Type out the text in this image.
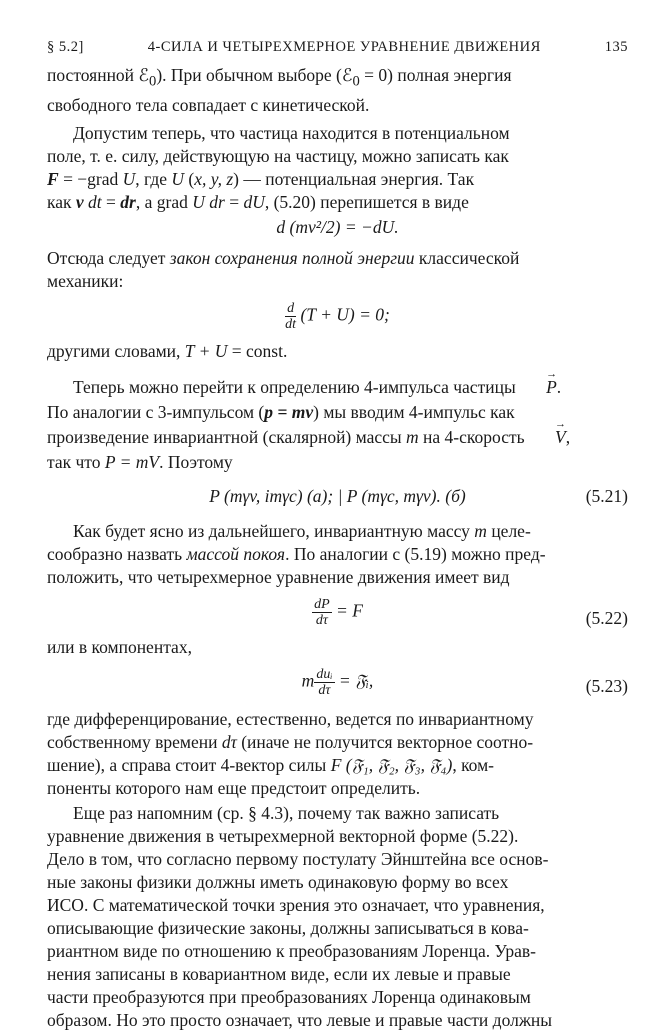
§ 5.2]	4-СИЛА И ЧЕТЫРЕХМЕРНОЕ УРАВНЕНИЕ ДВИЖЕНИЯ	135

постоянной ℰ$_0$). При обычном выборе (ℰ$_0$ = 0) полная энергия
свободного тела совпадает с кинетической.

Допустим теперь, что частица находится в потенциальном
поле, т. е. силу, действующую на частицу, можно записать как
F = −grad U, где U (x, y, z) — потенциальная энергия. Так
как v dt = dr, a grad U dr = dU, (5.20) перепишется в виде

d (mv²/2) = −dU.

Отсюда следует закон сохранения полной энергии классической
механики:

$\frac{d}{dt} (T + U) = 0$;

другими словами, T + U = const.

Теперь можно перейти к определению 4-импульса частицы → P.
По аналогии с 3-импульсом (p = mv) мы вводим 4-импульс как
произведение инвариантной (скалярной) массы m на 4-скорость → V,
так что P = mV. Поэтому

P (mγv, imγc) (а); | P (mγc, mγv). (б)	(5.21)

Как будет ясно из дальнейшего, инвариантную массу m целе-
сообразно назвать массой покоя. По аналогии с (5.19) можно пред-
положить, что четырехмерное уравнение движения имеет вид

$\frac{dP}{d\tau} = F$	(5.22)

или в компонентах,

m $\frac{\text{duᵢ}}{d\tau}$ = 𝔉ᵢ,	(5.23)

где дифференцирование, естественно, ведется по инвариантному
собственному времени dτ (иначе не получится векторное соотно-
шение), а справа стоит 4-вектор силы F (𝔉₁, 𝔉₂, 𝔉₃, 𝔉₄), ком-
поненты которого нам еще предстоит определить.

Еще раз напомним (ср. § 4.3), почему так важно записать
уравнение движения в четырехмерной векторной форме (5.22).
Дело в том, что согласно первому постулату Эйнштейна все основ-
ные законы физики должны иметь одинаковую форму во всех
ИСО. С математической точки зрения это означает, что уравнения,
описывающие физические законы, должны записываться в кова-
риантном виде по отношению к преобразованиям Лоренца. Урав-
нения записаны в ковариантном виде, если их левые и правые
части преобразуются при преобразованиях Лоренца одинаковым
образом. Но это просто означает, что левые и правые части должны
